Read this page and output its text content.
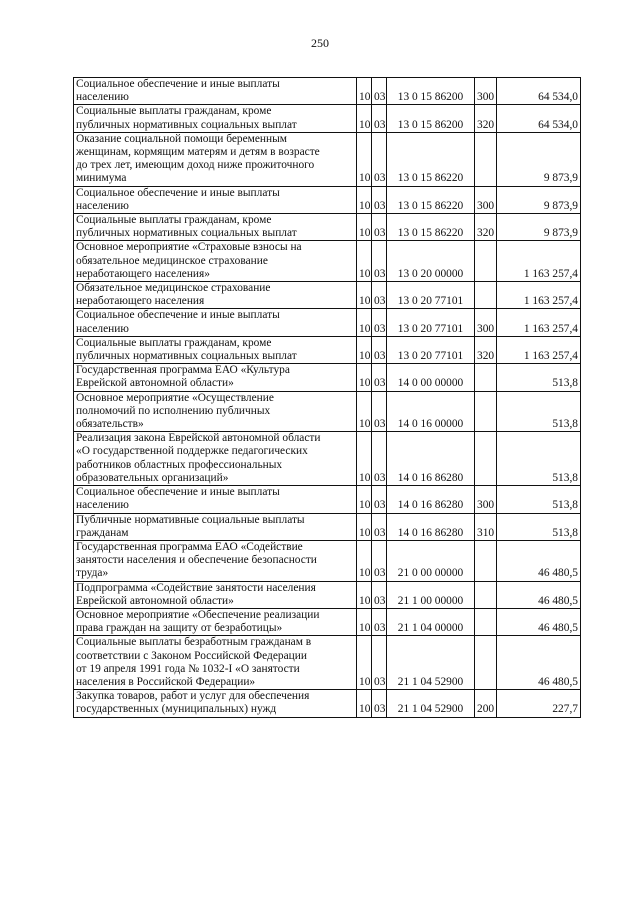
250
Социальное обеспечение и иные выплаты
населению	10	03	13 0 15 86200	300	64 534,0

Социальные выплаты гражданам, кроме
публичных нормативных социальных выплат	10	03	13 0 15 86200	320	64 534,0

Оказание социальной помощи беременным
женщинам, кормящим матерям и детям в возрасте
до трех лет, имеющим доход ниже прожиточного
минимума	10	03	13 0 15 86220		9 873,9

Социальное обеспечение и иные выплаты
населению	10	03	13 0 15 86220	300	9 873,9

Социальные выплаты гражданам, кроме
публичных нормативных социальных выплат	10	03	13 0 15 86220	320	9 873,9

Основное мероприятие «Страховые взносы на
обязательное медицинское страхование
неработающего населения»	10	03	13 0 20 00000		1 163 257,4

Обязательное медицинское страхование
неработающего населения	10	03	13 0 20 77101		1 163 257,4

Социальное обеспечение и иные выплаты
населению	10	03	13 0 20 77101	300	1 163 257,4

Социальные выплаты гражданам, кроме
публичных нормативных социальных выплат	10	03	13 0 20 77101	320	1 163 257,4

Государственная программа ЕАО «Культура
Еврейской автономной области»	10	03	14 0 00 00000		513,8

Основное мероприятие «Осуществление
полномочий по исполнению публичных
обязательств»	10	03	14 0 16 00000		513,8

Реализация закона Еврейской автономной области
«О государственной поддержке педагогических
работников областных профессиональных
образовательных организаций»	10	03	14 0 16 86280		513,8

Социальное обеспечение и иные выплаты
населению	10	03	14 0 16 86280	300	513,8

Публичные нормативные социальные выплаты
гражданам	10	03	14 0 16 86280	310	513,8

Государственная программа ЕАО «Содействие
занятости населения и обеспечение безопасности
труда»	10	03	21 0 00 00000		46 480,5

Подпрограмма «Содействие занятости населения
Еврейской автономной области»	10	03	21 1 00 00000		46 480,5

Основное мероприятие «Обеспечение реализации
права граждан на защиту от безработицы»	10	03	21 1 04 00000		46 480,5

Социальные выплаты безработным гражданам в
соответствии с Законом Российской Федерации
от 19 апреля 1991 года № 1032-I «О занятости
населения в Российской Федерации»	10	03	21 1 04 52900		46 480,5

Закупка товаров, работ и услуг для обеспечения
государственных (муниципальных) нужд	10	03	21 1 04 52900	200	227,7
